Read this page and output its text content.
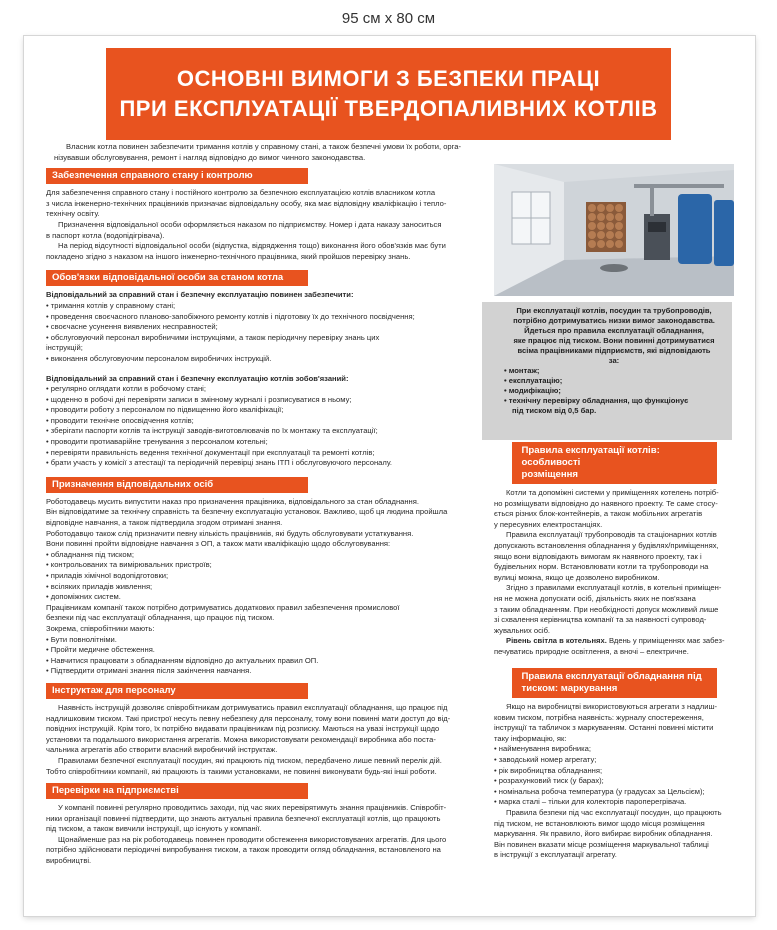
95 см х 80 см
ОСНОВНІ ВИМОГИ З БЕЗПЕКИ ПРАЦІ
ПРИ ЕКСПЛУАТАЦІЇ ТВЕРДОПАЛИВНИХ КОТЛІВ

Власник котла повинен забезпечити тримання котлів у справному стані, а також безпечні умови їх роботи, орга-

нізувавши обслуговування, ремонт і нагляд відповідно до вимог чинного законодавства.

Забезпечення справного стану і контролю

Для забезпечення справного стану і постійного контролю за безпечною експлуатацією котлів власником котла

з числа інженерно-технічних працівників призначає відповідальну особу, яка має відповідну кваліфікацію і тепло-

технічну освіту.

Призначення відповідальної особи оформляється наказом по підприємству. Номер і дата наказу заноситься

в паспорт котла (водопідігрівача).

На період відсутності відповідальної особи (відпустка, відрядження тощо) виконання його обов'язків має бути

покладено згідно з наказом на іншого інженерно-технічного працівника, який пройшов перевірку знань.

Обов'язки відповідальної особи за станом котла

Відповідальний за справний стан і безпечну експлуатацію повинен забезпечити:

• тримання котлів у справному стані;

• проведення своєчасного планово-запобіжного ремонту котлів і підготовку їх до технічного посвідчення;

• своєчасне усунення виявлених несправностей;

• обслуговуючий персонал виробничими інструкціями, а також періодичну перевірку знань цих

інструкцій;

• виконання обслуговуючим персоналом виробничих інструкцій.

Відповідальний за справний стан і безпечну експлуатацію котлів зобов'язаний:

• регулярно оглядати котли в робочому стані;

• щоденно в робочі дні перевіряти записи в змінному журналі і розписуватися в ньому;

• проводити роботу з персоналом по підвищенню його кваліфікації;

• проводити технічне опосвідчення котлів;

• зберігати паспорти котлів та інструкції заводів-виготовлювачів по їх монтажу та експлуатації;

• проводити протиаварійне тренування з персоналом котельні;

• перевіряти правильність ведення технічної документації при експлуатації та ремонті котлів;

• брати участь у комісії з атестації та періодичній перевірці знань ІТП і обслуговуючого персоналу.

Призначення відповідальних осіб

Роботодавець мусить випустити наказ про призначення працівника, відповідального за стан обладнання.

Він відповідатиме за технічну справність та безпечну експлуатацію установок. Важливо, щоб ця людина пройшла

відповідне навчання, а також підтвердила згодом отримані знання.

Роботодавцю також слід призначити певну кількість працівників, які будуть обслуговувати устаткування.

Вони повинні пройти відповідне навчання з ОП, а також мати кваліфікацію щодо обслуговування:

• обладнання під тиском;

• контрольованих та вимірювальних пристроїв;

• приладів хімічної водопідготовки;

• всіляких приладів живлення;

• допоміжних систем.

Працівникам компанії також потрібно дотримуватись додаткових правил забезпечення промислової

безпеки під час експлуатації обладнання, що працює під тиском.

Зокрема, співробітники мають:

• Бути повнолітніми.

• Пройти медичне обстеження.

• Навчитися працювати з обладнанням відповідно до актуальних правил ОП.

• Підтвердити отримані знання після закінчення навчання.

Інструктаж для персоналу

Наявність інструкцій дозволяє співробітникам дотримуватись правил експлуатації обладнання, що працює під

надлишковим тиском. Такі пристрої несуть певну небезпеку для персоналу, тому вони повинні мати доступ до від-

повідних інструкцій. Крім того, їх потрібно видавати працівникам під розписку. Маються на увазі інструкції щодо

установки та подальшого використання агрегатів. Можна використовувати рекомендації виробника або поста-

чальника агрегатів або створити власний виробничий інструктаж.

Правилами безпечної експлуатації посудин, які працюють під тиском, передбачено лише певний перелік дій.

Тобто співробітники компанії, які працюють із такими установками, не повинні виконувати будь-які інші роботи.

Перевірки на підприємстві

У компанії повинні регулярно проводитись заходи, під час яких перевірятимуть знання працівників. Співробіт-

ники організації повинні підтвердити, що знають актуальні правила безпечної експлуатації котлів, що працюють

під тиском, а також вивчили інструкції, що існують у компанії.

Щонайменше раз на рік роботодавець повинен проводити обстеження використовуваних агрегатів. Для цього

потрібно здійснювати періодичні випробування тиском, а також проводити огляд обладнання, встановленого на

виробництві.

При експлуатації котлів, посудин та трубопроводів,

потрібно дотримуватись низки вимог законодавства.

Йдеться про правила експлуатації обладнання,

яке працює під тиском. Вони повинні дотримуватися

всіма працівниками підприємств, які відповідають

за:

• монтаж;

• експлуатацію;

• модифікацію;

• технічну перевірку обладнання, що функціонує

під тиском від 0,5 бар.

Правила експлуатації котлів: особливості
розміщення

Котли та допоміжні системи у приміщеннях котелень потріб-

но розміщувати відповідно до наявного проекту. Те саме стосу-

ється різних блок-контейнерів, а також мобільних агрегатів

у пересувних електростанціях.

Правила експлуатації трубопроводів та стаціонарних котлів

допускають встановлення обладнання у будівлях/приміщеннях,

якщо вони відповідають вимогам як наявного проекту, так і

будівельних норм. Встановлювати котли та трубопроводи на

вулиці можна, якщо це дозволено виробником.

Згідно з правилами експлуатації котлів, в котельні приміщен-

ня не можна допускати осіб, діяльність яких не пов'язана

з таким обладнанням. При необхідності допуск можливий лише

зі схвалення керівництва компанії та за наявності супровод-

жувальних осіб.

Рівень світла в котельнях. Вдень у приміщеннях має забез-

печуватись природне освітлення, а вночі – електричне.

Правила експлуатації обладнання під
тиском: маркування

Якщо на виробництві використовуються агрегати з надлиш-

ковим тиском, потрібна наявність: журналу спостереження,

інструкції та табличок з маркуванням. Останні повинні містити

таку інформацію, як:

• найменування виробника;

• заводський номер агрегату;

• рік виробництва обладнання;

• розрахунковий тиск (у барах);

• номінальна робоча температура (у градусах за Цельсієм);

• марка сталі – тільки для колекторів пароперегрівача.

Правила безпеки під час експлуатації посудин, що працюють

під тиском, не встановлюють вимог щодо місця розміщення

маркування. Як правило, його вибирає виробник обладнання.

Він повинен вказати місце розміщення маркувальної таблиці

в інструкції з експлуатації агрегату.
